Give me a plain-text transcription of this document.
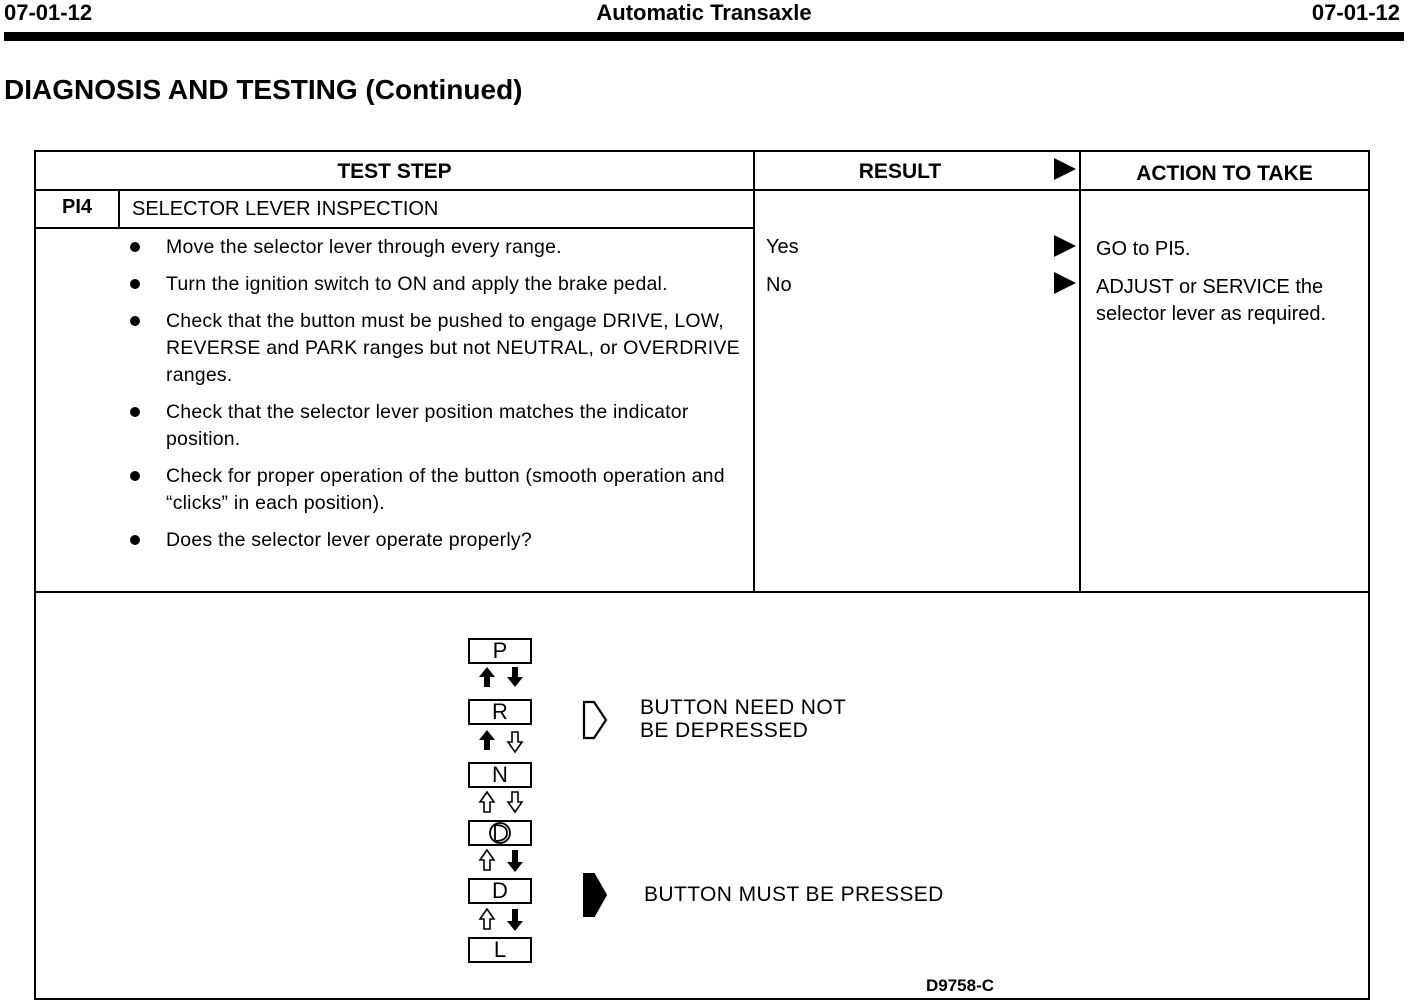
07-01-12	Automatic Transaxle	07-01-12
DIAGNOSIS AND TESTING (Continued)
TEST STEP	RESULT	ACTION TO TAKE
PI4	SELECTOR LEVER INSPECTION
Move the selector lever through every range.
Turn the ignition switch to ON and apply the brake pedal.
Check that the button must be pushed to engage DRIVE, LOW, REVERSE and PARK ranges but not NEUTRAL, or OVERDRIVE ranges.
Check that the selector lever position matches the indicator position.
Check for proper operation of the button (smooth operation and “clicks” in each position).
Does the selector lever operate properly?
Yes	GO to PI5.
No	ADJUST or SERVICE the selector lever as required.
P
R
N
D
L
BUTTON NEED NOT
BE DEPRESSED
BUTTON MUST BE PRESSED
D9758-C
